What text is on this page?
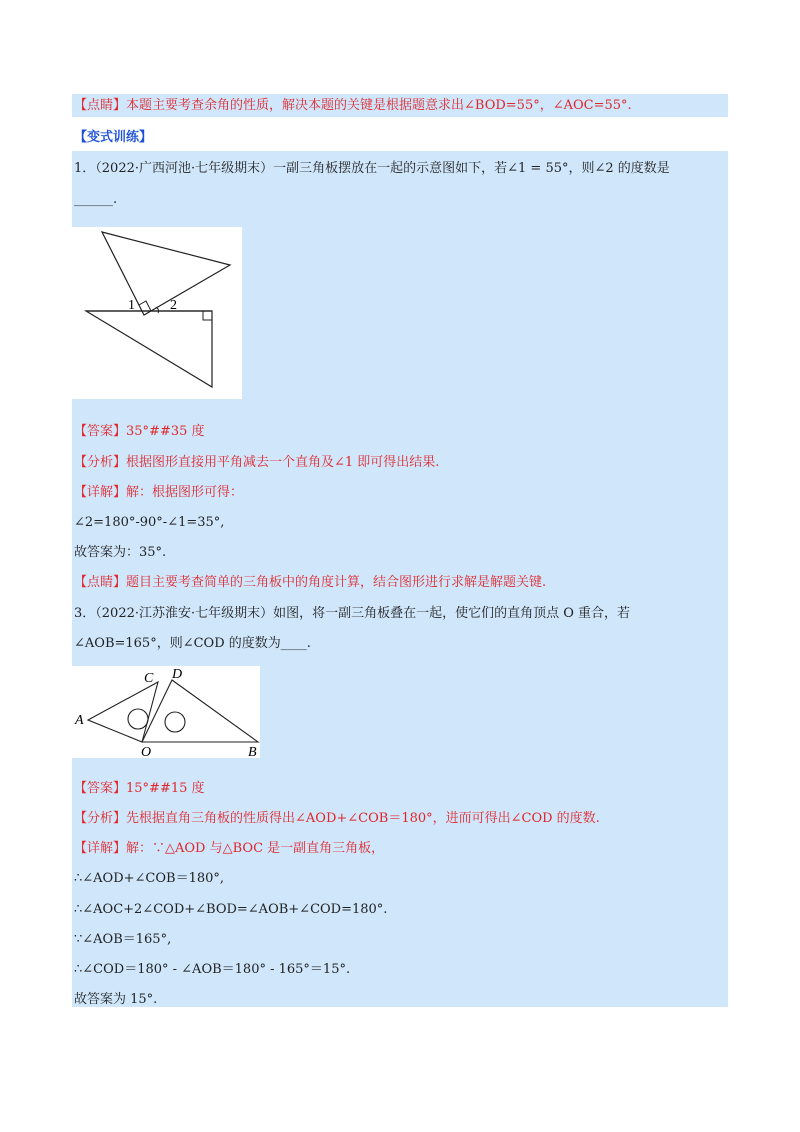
【点睛】本题主要考查余角的性质，解决本题的关键是根据题意求出∠BOD=55°，∠AOC=55°.
【变式训练】
1．（2022·广西河池·七年级期末）一副三角板摆放在一起的示意图如下，若∠1 = 55°，则∠2 的度数是
______.
1	2
【答案】35°##35 度
【分析】根据图形直接用平角减去一个直角及∠1 即可得出结果.
【详解】解：根据图形可得：
∠2=180°-90°-∠1=35°,
故答案为：35°.
【点睛】题目主要考查简单的三角板中的角度计算，结合图形进行求解是解题关键.
3．（2022·江苏淮安·七年级期末）如图，将一副三角板叠在一起，使它们的直角顶点 O 重合，若
∠AOB=165°，则∠COD 的度数为____.
A
C D
O	B
【答案】15°##15 度
【分析】先根据直角三角板的性质得出∠AOD+∠COB＝180°，进而可得出∠COD 的度数.
【详解】解：∵△AOD 与△BOC 是一副直角三角板，
∴∠AOD+∠COB＝180°,
∴∠AOC+2∠COD+∠BOD=∠AOB+∠COD=180°.
∵∠AOB＝165°,
∴∠COD＝180° - ∠AOB＝180° - 165°＝15°.
故答案为 15°.
